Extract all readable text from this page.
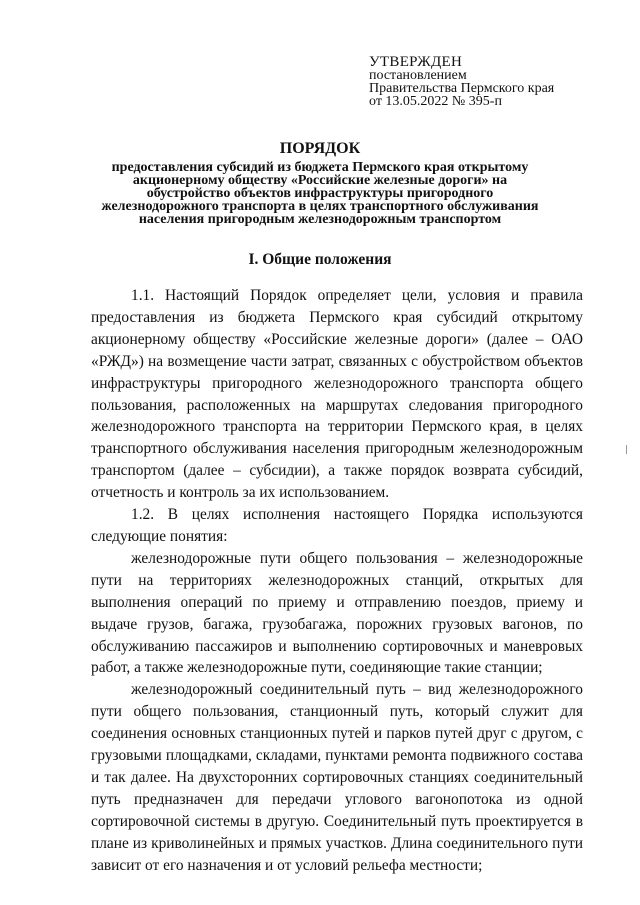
УТВЕРЖДЕН
постановлением
Правительства Пермского края
от 13.05.2022 № 395-п
ПОРЯДОК
предоставления субсидий из бюджета Пермского края открытому акционерному обществу «Российские железные дороги» на обустройство объектов инфраструктуры пригородного железнодорожного транспорта в целях транспортного обслуживания населения пригородным железнодорожным транспортом
I. Общие положения

1.1. Настоящий Порядок определяет цели, условия и правила предоставления из бюджета Пермского края субсидий открытому акционерному обществу «Российские железные дороги» (далее – ОАО «РЖД») на возмещение части затрат, связанных с обустройством объектов инфраструктуры пригородного железнодорожного транспорта общего пользования, расположенных на маршрутах следования пригородного железнодорожного транспорта на территории Пермского края, в целях транспортного обслуживания населения пригородным железнодорожным транспортом (далее – субсидии), а также порядок возврата субсидий, отчетность и контроль за их использованием.

1.2. В целях исполнения настоящего Порядка используются следующие понятия:

железнодорожные пути общего пользования – железнодорожные пути на территориях железнодорожных станций, открытых для выполнения операций по приему и отправлению поездов, приему и выдаче грузов, багажа, грузобагажа, порожних грузовых вагонов, по обслуживанию пассажиров и выполнению сортировочных и маневровых работ, а также железнодорожные пути, соединяющие такие станции;

железнодорожный соединительный путь – вид железнодорожного пути общего пользования, станционный путь, который служит для соединения основных станционных путей и парков путей друг с другом, с грузовыми площадками, складами, пунктами ремонта подвижного состава и так далее. На двухсторонних сортировочных станциях соединительный путь предназначен для передачи углового вагонопотока из одной сортировочной системы в другую. Соединительный путь проектируется в плане из криволинейных и прямых участков. Длина соединительного пути зависит от его назначения и от условий рельефа местности;
